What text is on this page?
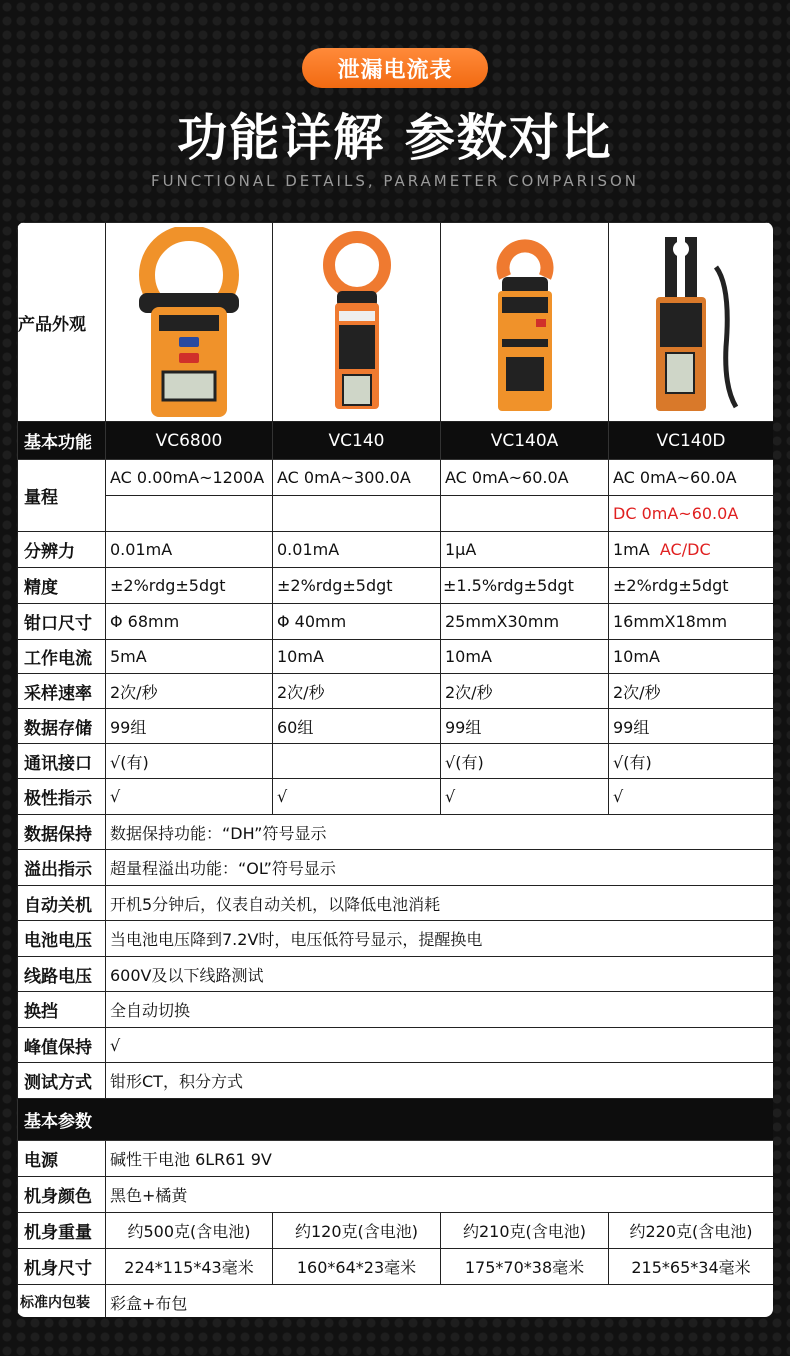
泄漏电流表
功能详解 参数对比
FUNCTIONAL DETAILS, PARAMETER COMPARISON
产品外观	

基本功能	VC6800	VC140	VC140A	VC140D
量程	AC 0.00mA~1200A	AC 0mA~300.0A	AC 0mA~60.0A	AC 0mA~60.0A
				DC 0mA~60.0A
分辨力	0.01mA	0.01mA	1μA	1mA AC/DC
精度	±2%rdg±5dgt	±2%rdg±5dgt	±1.5%rdg±5dgt	±2%rdg±5dgt
钳口尺寸	Φ 68mm	Φ 40mm	25mmX30mm	16mmX18mm
工作电流	5mA	10mA	10mA	10mA
采样速率	2次/秒	2次/秒	2次/秒	2次/秒
数据存储	99组	60组	99组	99组
通讯接口	√(有)		√(有)	√(有)
极性指示	√	√	√	√
数据保持	数据保持功能：“DH”符号显示			
溢出指示	超量程溢出功能：“OL”符号显示			
自动关机	开机5分钟后，仪表自动关机，以降低电池消耗			
电池电压	当电池电压降到7.2V时，电压低符号显示，提醒换电			
线路电压	600V及以下线路测试			
换挡	全自动切换			
峰值保持	√			
测试方式	钳形CT，积分方式			
基本参数				
电源	碱性干电池 6LR61 9V			
机身颜色	黑色+橘黄			
机身重量	约500克(含电池)	约120克(含电池)	约210克(含电池)	约220克(含电池)
机身尺寸	224*115*43毫米	160*64*23毫米	175*70*38毫米	215*65*34毫米
标准内包装	彩盒+布包			
